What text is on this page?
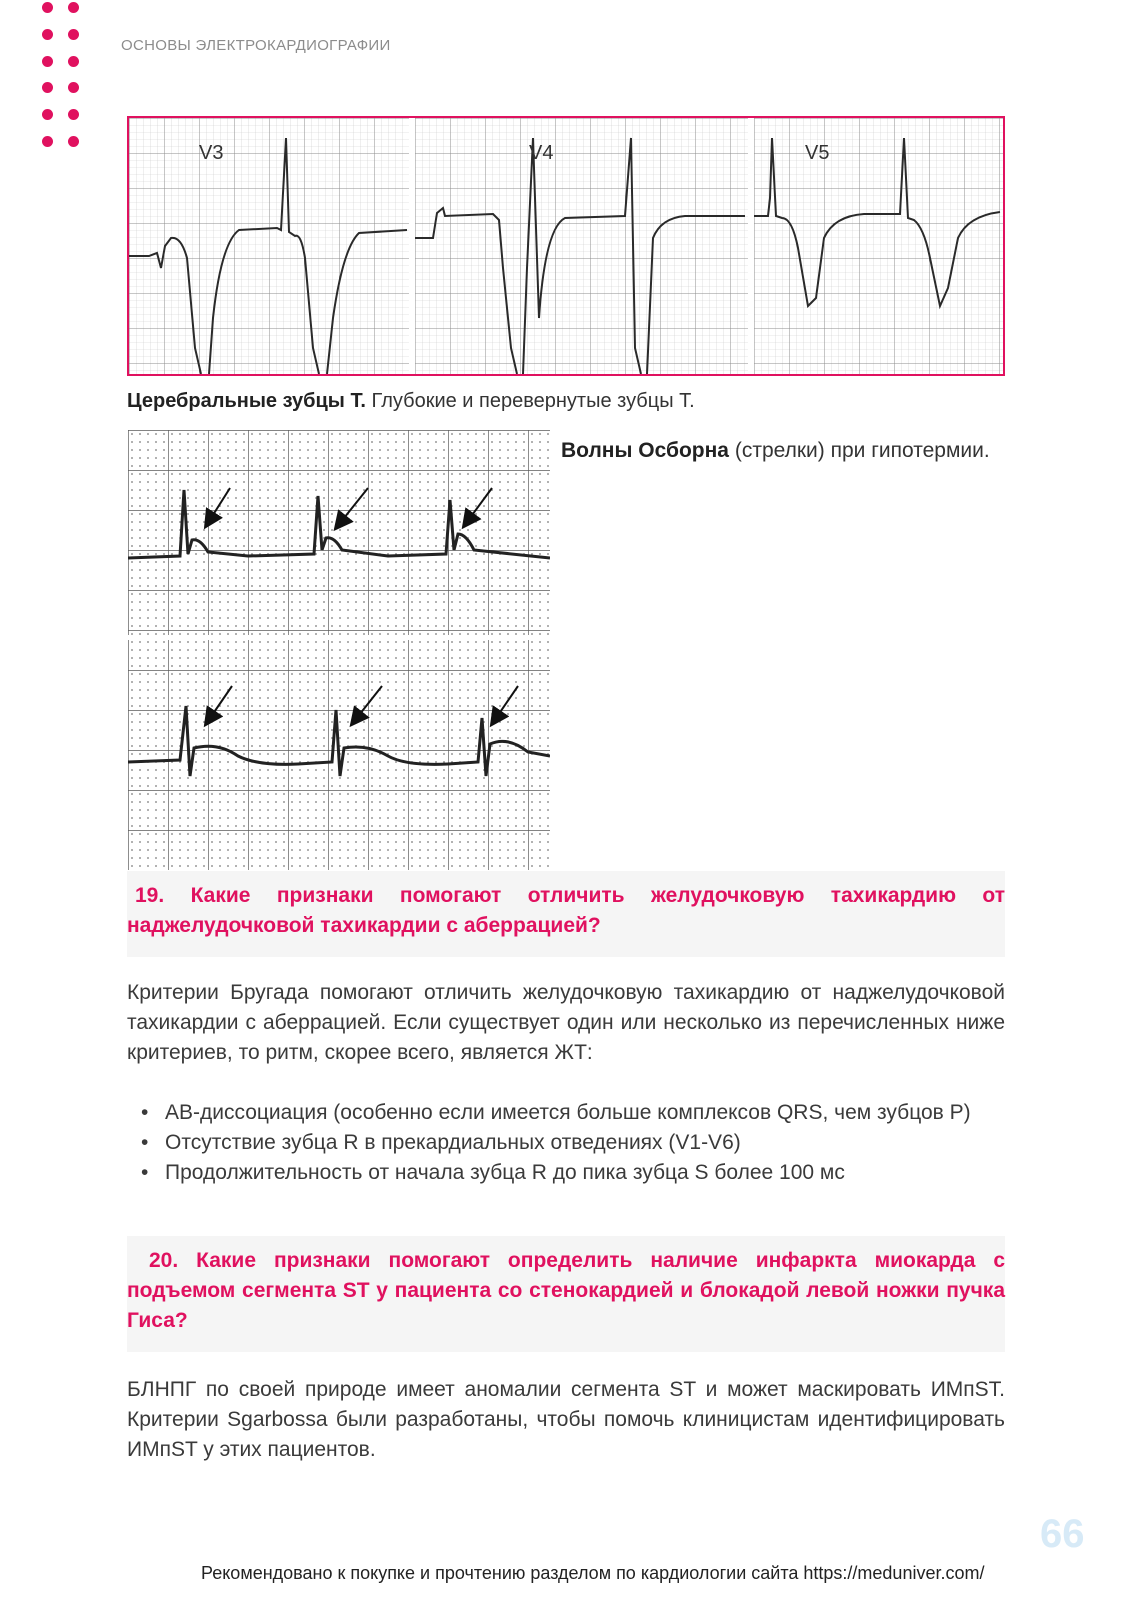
ОСНОВЫ ЭЛЕКТРОКАРДИОГРАФИИ
V3	V4	V5
Церебральные зубцы Т. Глубокие и перевернутые зубцы Т.
Волны Осборна (стрелки) при гипотермии.
19. Какие признаки помогают отличить желудочковую тахикардию от наджелудочковой тахикардии с аберрацией?
Критерии Бругада помогают отличить желудочковую тахикардию от наджелудочковой тахикардии с аберрацией. Если существует один или несколько из перечисленных ниже критериев, то ритм, скорее всего, является ЖТ:
• АВ-диссоциация (особенно если имеется больше комплексов QRS, чем зубцов Р)
• Отсутствие зубца R в прекардиальных отведениях (V1-V6)
• Продолжительность от начала зубца R до пика зубца S более 100 мс
20. Какие признаки помогают определить наличие инфаркта миокарда с подъемом сегмента ST у пациента со стенокардией и блокадой левой ножки пучка Гиса?
БЛНПГ по своей природе имеет аномалии сегмента ST и может маскировать ИМпST. Критерии Sgarbossa были разработаны, чтобы помочь клиницистам идентифицировать ИМпST у этих пациентов.
66
Рекомендовано к покупке и прочтению разделом по кардиологии сайта https://meduniver.com/
